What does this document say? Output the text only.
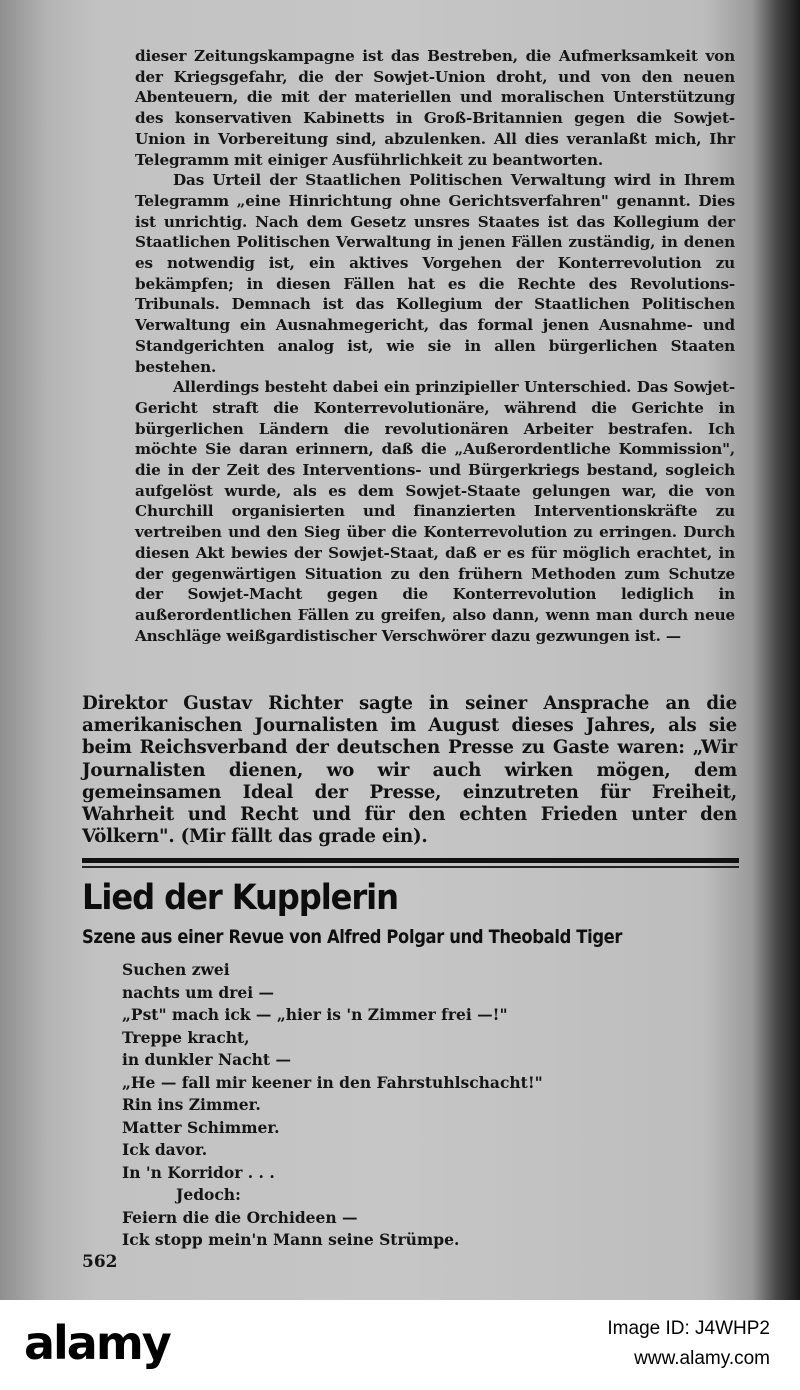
dieser Zeitungskampagne ist das Bestreben, die Aufmerksamkeit von der Kriegsgefahr, die der Sowjet-Union droht, und von den neuen Abenteuern, die mit der materiellen und moralischen Unterstützung des konservativen Kabinetts in Groß-Britannien gegen die Sowjet-Union in Vorbereitung sind, abzulenken. All dies veranlaßt mich, Ihr Telegramm mit einiger Ausführlichkeit zu beantworten.

Das Urteil der Staatlichen Politischen Verwaltung wird in Ihrem Telegramm „eine Hinrichtung ohne Gerichtsverfahren" genannt. Dies ist unrichtig. Nach dem Gesetz unsres Staates ist das Kollegium der Staatlichen Politischen Verwaltung in jenen Fällen zuständig, in denen es notwendig ist, ein aktives Vorgehen der Konterrevolution zu bekämpfen; in diesen Fällen hat es die Rechte des Revolutions-Tribunals. Demnach ist das Kollegium der Staatlichen Politischen Verwaltung ein Ausnahmegericht, das formal jenen Ausnahme- und Standgerichten analog ist, wie sie in allen bürgerlichen Staaten bestehen.

Allerdings besteht dabei ein prinzipieller Unterschied. Das Sowjet-Gericht straft die Konterrevolutionäre, während die Gerichte in bürgerlichen Ländern die revolutionären Arbeiter bestrafen. Ich möchte Sie daran erinnern, daß die „Außerordentliche Kommission", die in der Zeit des Interventions- und Bürgerkriegs bestand, sogleich aufgelöst wurde, als es dem Sowjet-Staate gelungen war, die von Churchill organisierten und finanzierten Interventionskräfte zu vertreiben und den Sieg über die Konterrevolution zu erringen. Durch diesen Akt bewies der Sowjet-Staat, daß er es für möglich erachtet, in der gegenwärtigen Situation zu den frühern Methoden zum Schutze der Sowjet-Macht gegen die Konterrevolution lediglich in außerordentlichen Fällen zu greifen, also dann, wenn man durch neue Anschläge weißgardistischer Verschwörer dazu gezwungen ist. —

Direktor Gustav Richter sagte in seiner Ansprache an die amerikanischen Journalisten im August dieses Jahres, als sie beim Reichsverband der deutschen Presse zu Gaste waren: „Wir Journalisten dienen, wo wir auch wirken mögen, dem gemeinsamen Ideal der Presse, einzutreten für Freiheit, Wahrheit und Recht und für den echten Frieden unter den Völkern". (Mir fällt das grade ein).
Lied der Kupplerin
Szene aus einer Revue von Alfred Polgar und Theobald Tiger
Suchen zwei
nachts um drei —
„Pst" mach ick — „hier is 'n Zimmer frei —!"
Treppe kracht,
in dunkler Nacht —
„He — fall mir keener in den Fahrstuhlschacht!"
Rin ins Zimmer.
Matter Schimmer.
Ick davor.
In 'n Korridor . . .
Jedoch:
Feiern die die Orchideen —
Ick stopp mein'n Mann seine Strümpe.
562
alamy	Image ID: J4WHP2
www.alamy.com
